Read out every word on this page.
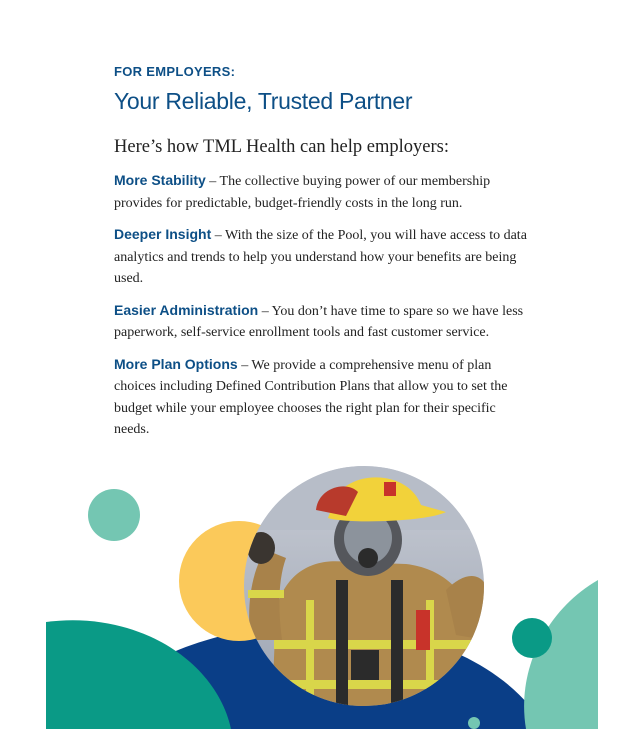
FOR EMPLOYERS:

Your Reliable, Trusted Partner

Here’s how TML Health can help employers:

More Stability – The collective buying power of our membership provides for predictable, budget-friendly costs in the long run.

Deeper Insight – With the size of the Pool, you will have access to data analytics and trends to help you understand how your benefits are being used.

Easier Administration – You don’t have time to spare so we have less paperwork, self-service enrollment tools and fast customer service.

More Plan Options – We provide a comprehensive menu of plan choices including Defined Contribution Plans that allow you to set the budget while your employee chooses the right plan for their specific needs.
